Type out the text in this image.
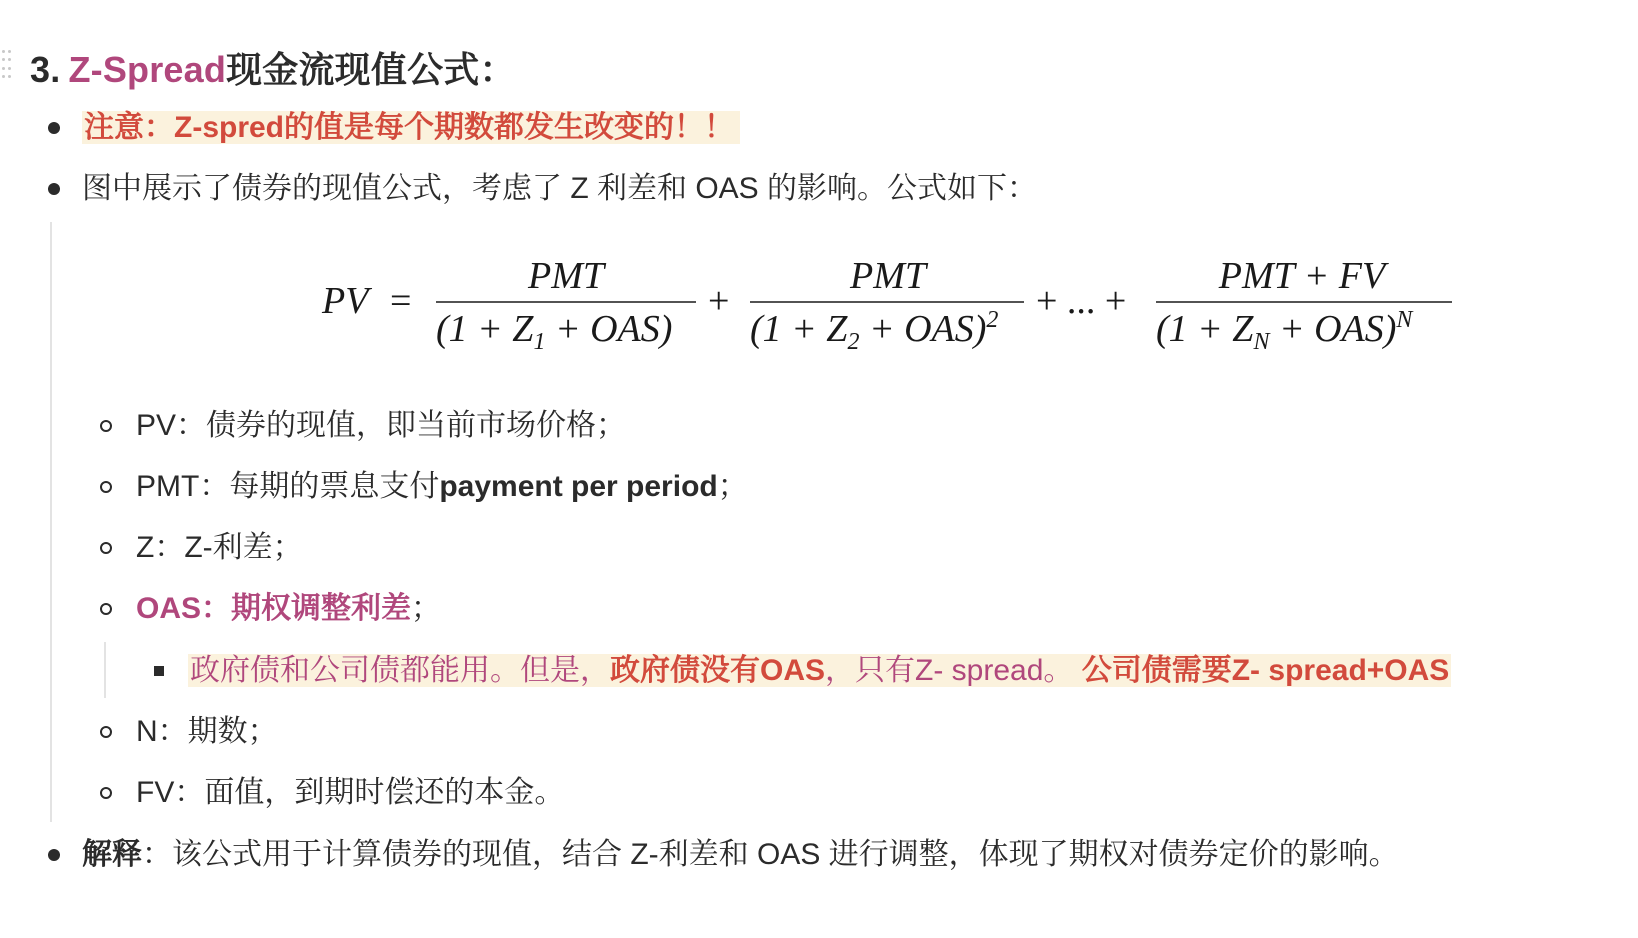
3. Z-Spread现金流现值公式：
注意：Z-spred的值是每个期数都发生改变的！！
图中展示了债券的现值公式，考虑了 Z 利差和 OAS 的影响。公式如下：
PV =
PMT
$(1 + Z_1 + OAS)$
+
PMT
$(1 + Z_2 + OAS)^2$ + ... +
PMT + FV
$(1 + Z_N + OAS)^N$
PV：债券的现值，即当前市场价格；
PMT：每期的票息支付payment per period；
Z：Z-利差；
OAS：期权调整利差；
政府债和公司债都能用。但是，政府债没有OAS，只有Z- spread。 公司债需要Z- spread+OAS
N：期数；
FV：面值，到期时偿还的本金。
解释：该公式用于计算债券的现值，结合 Z-利差和 OAS 进行调整，体现了期权对债券定价的影响。
